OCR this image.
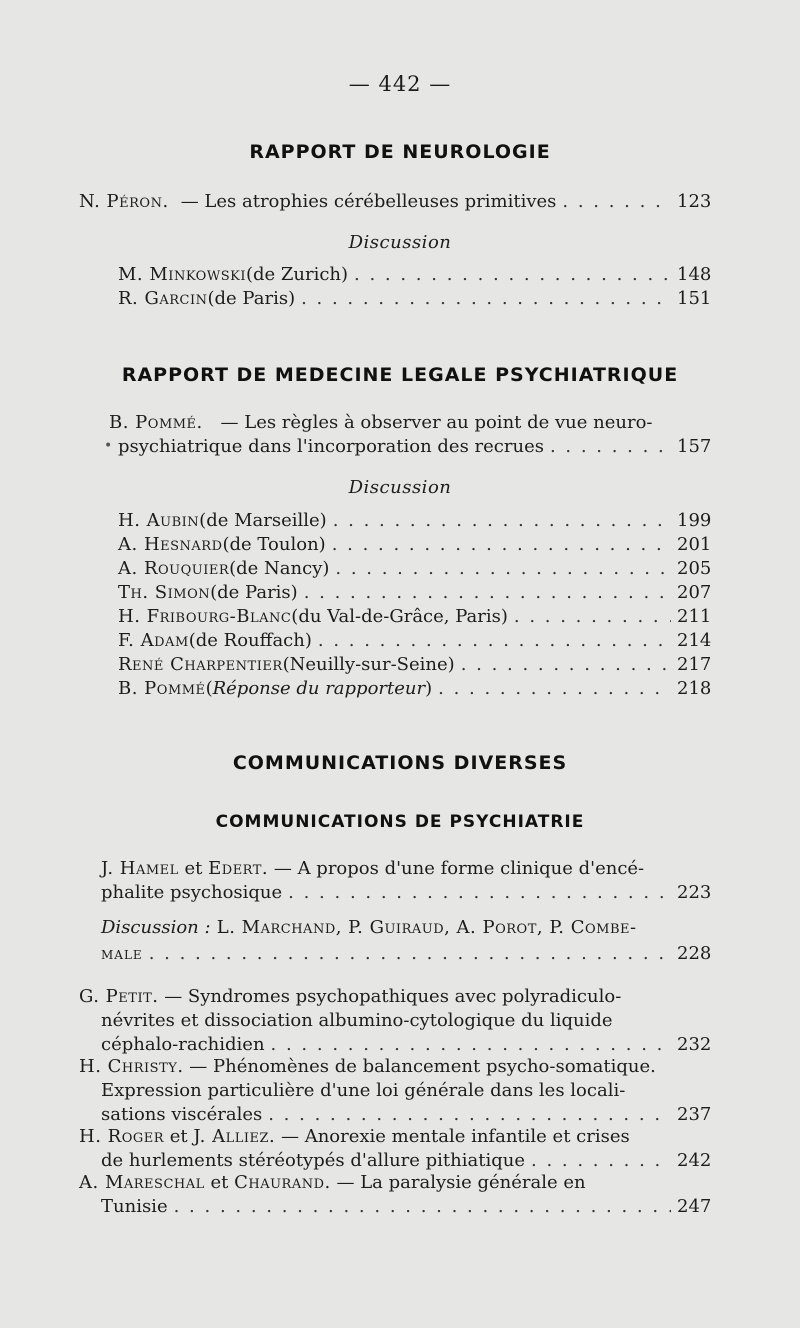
— 442 —
RAPPORT DE NEUROLOGIE
N. Péron. — Les atrophies cérébelleuses primitives . . .	123
Discussion
M. Minkowski (de Zurich) . . .	148
R. Garcin (de Paris) . . .	151
RAPPORT DE MEDECINE LEGALE PSYCHIATRIQUE
B. Pommé. — Les règles à observer au point de vue neuro-
• psychiatrique dans l'incorporation des recrues . . .	157
Discussion
H. Aubin (de Marseille) . . .	199
A. Hesnard (de Toulon) . . .	201
A. Rouquier (de Nancy) . . .	205
Th. Simon (de Paris) . . .	207
H. Fribourg-Blanc (du Val-de-Grâce, Paris) . . .	211
F. Adam (de Rouffach) . . .	214
René Charpentier (Neuilly-sur-Seine) . . .	217
B. Pommé ( Réponse du rapporteur ) . . .	218
COMMUNICATIONS DIVERSES
COMMUNICATIONS DE PSYCHIATRIE
J. Hamel et Edert. — A propos d'une forme clinique d'encé-
phalite psychosique . . .	223
Discussion : L. Marchand, P. Guiraud, A. Porot, P. Combe-
MALE . . .	228
G. Petit. — Syndromes psychopathiques avec polyradiculo-
névrites et dissociation albumino-cytologique du liquide
céphalo-rachidien . . .	232
H. Christy. — Phénomènes de balancement psycho-somatique.
Expression particulière d'une loi générale dans les locali-
sations viscérales . . .	237
H. Roger et J. Alliez. — Anorexie mentale infantile et crises
de hurlements stéréotypés d'allure pithiatique . . .	242
A. Mareschal et Chaurand. — La paralysie générale en
Tunisie . . .	247
